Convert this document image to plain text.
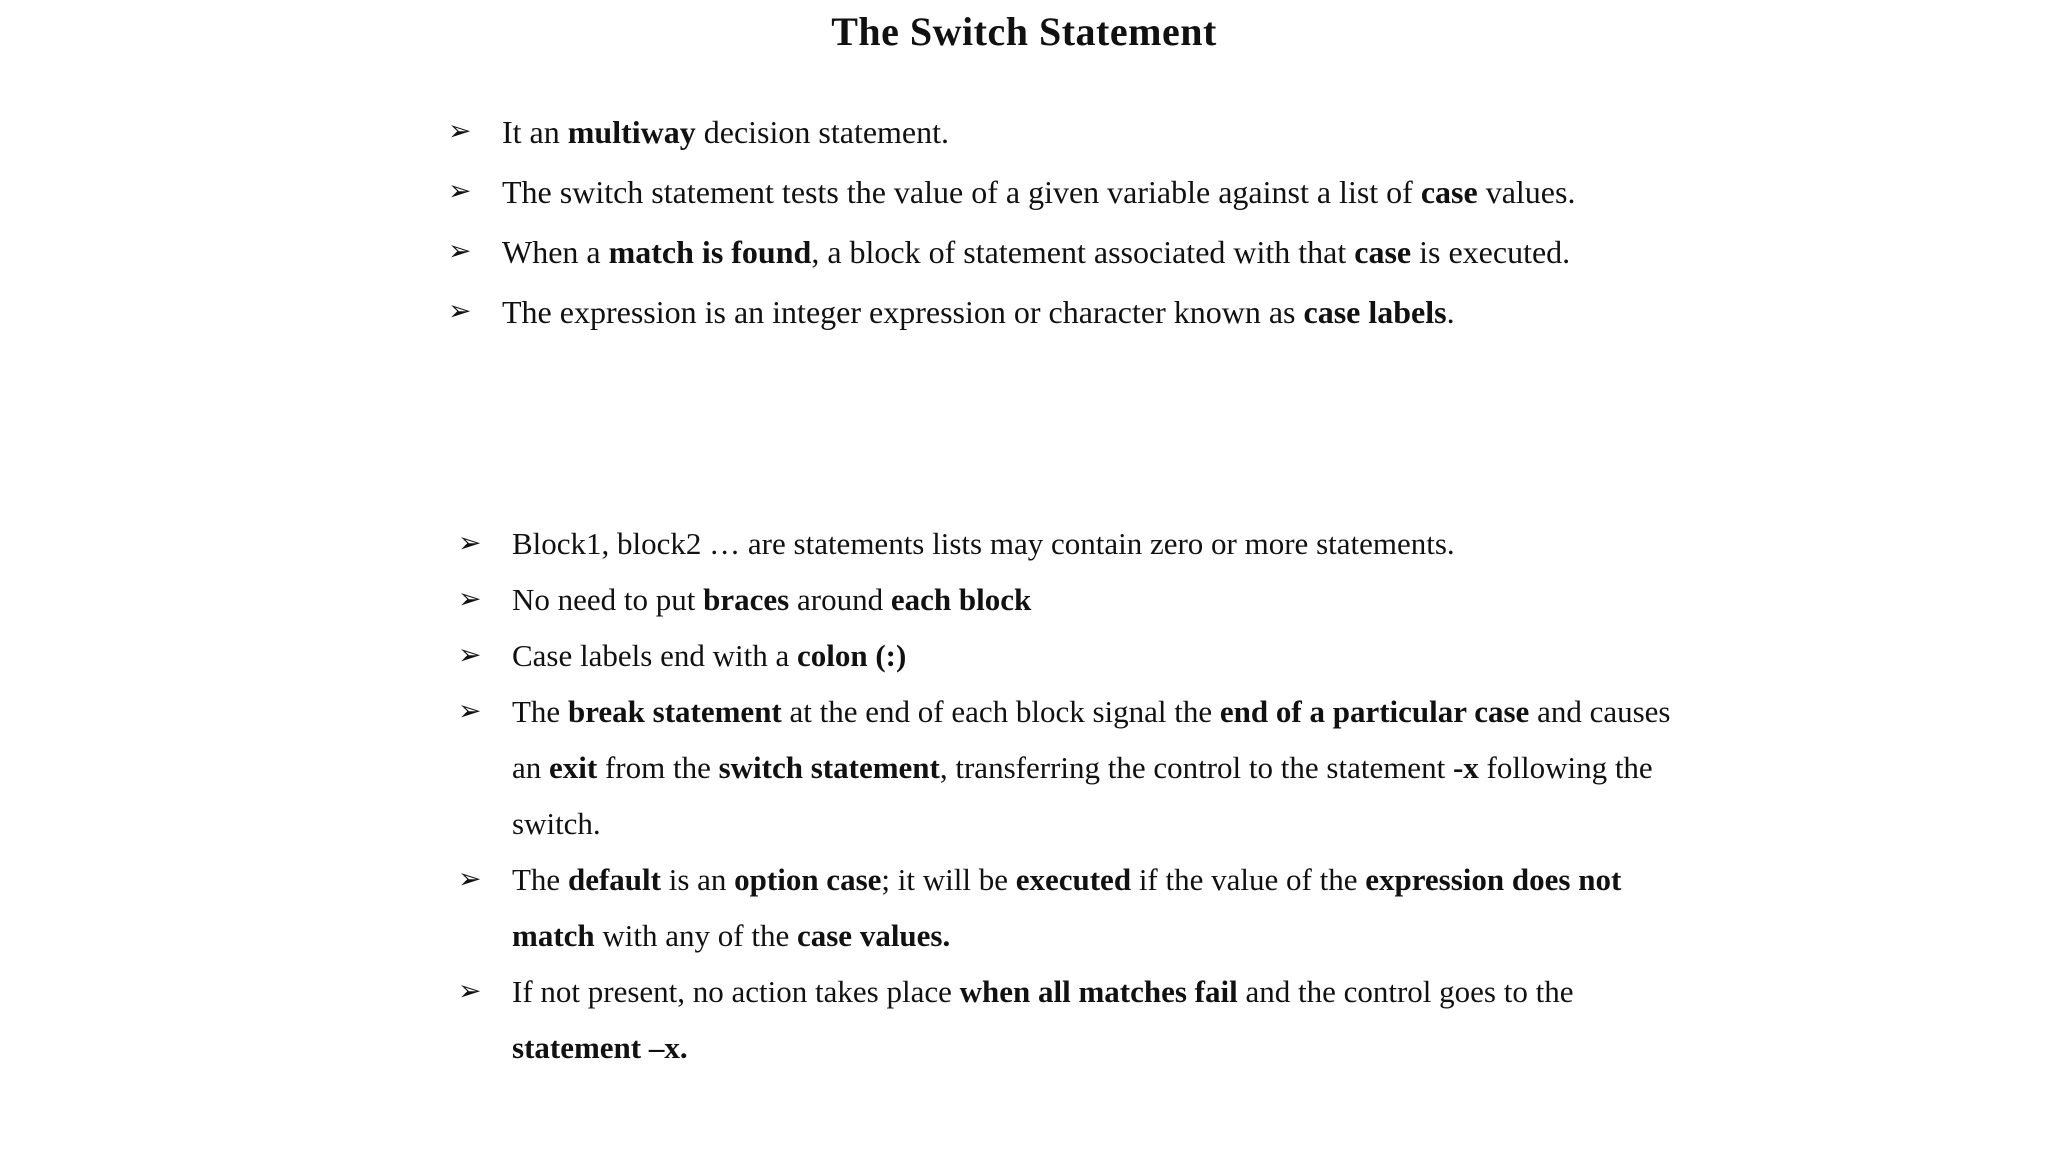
The Switch Statement
➢ It an multiway decision statement.
➢ The switch statement tests the value of a given variable against a list of case values.
➢ When a match is found, a block of statement associated with that case is executed.
➢ The expression is an integer expression or character known as case labels.
➢ Block1, block2 … are statements lists may contain zero or more statements.
➢ No need to put braces around each block
➢ Case labels end with a colon (:)
➢ The break statement at the end of each block signal the end of a particular case and causes an exit from the switch statement, transferring the control to the statement -x following the switch.
➢ The default is an option case; it will be executed if the value of the expression does not match with any of the case values.
➢ If not present, no action takes place when all matches fail and the control goes to the statement –x.
